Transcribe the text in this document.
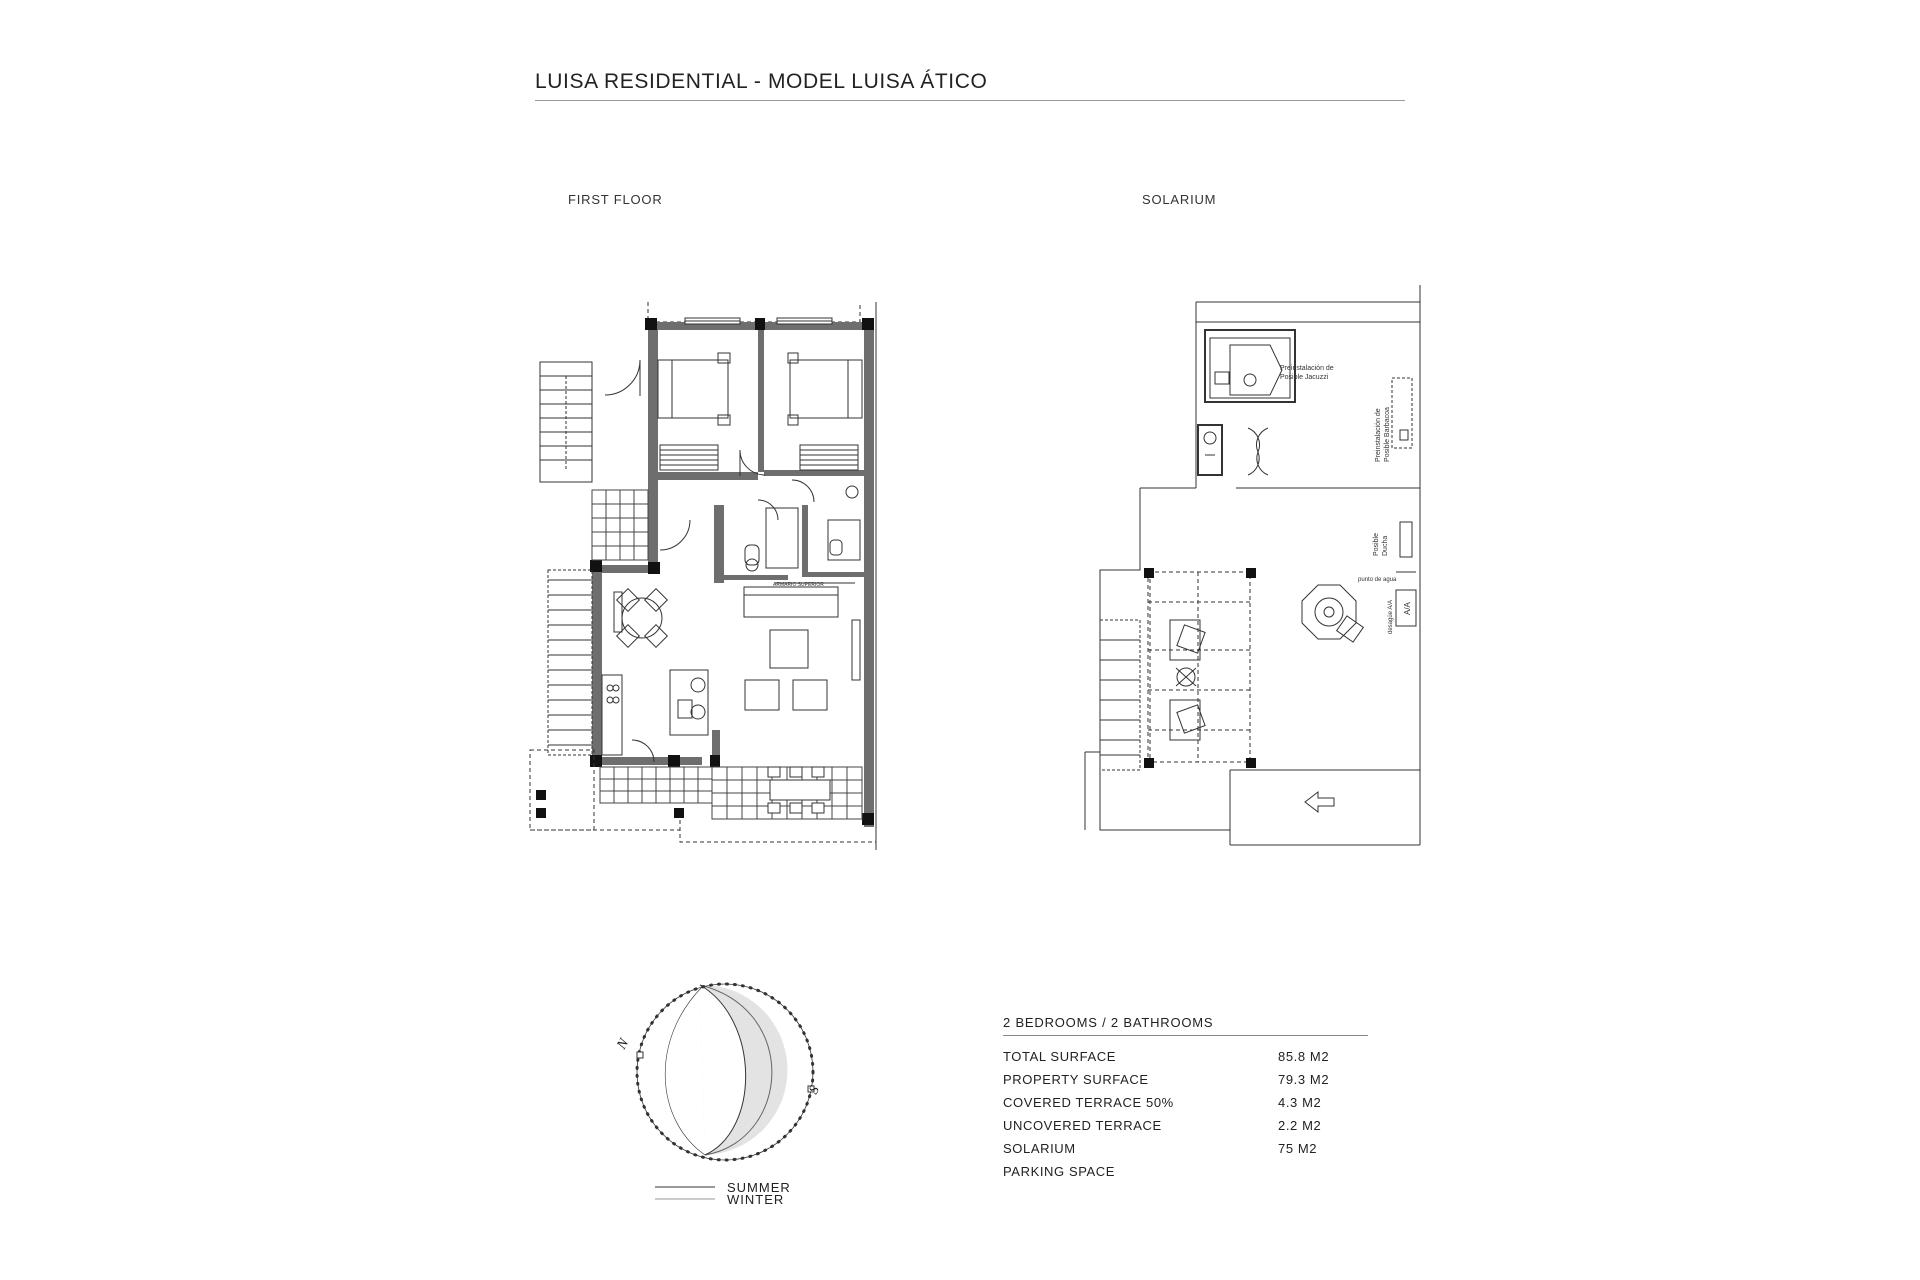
LUISA RESIDENTIAL - MODEL LUISA ÁTICO
FIRST FLOOR	SOLARIUM
ARMARIO SUPERIOR
Preinstalación de
Posible Jacuzzi
Preinstalación de Posible Barbacoa
Posible Ducha
punto de agua
A/A
desagüe A/A
N
S
SUMMER
WINTER
2 BEDROOMS / 2 BATHROOMS
TOTAL SURFACE	85.8 M2
PROPERTY SURFACE	79.3 M2
COVERED TERRACE 50%	4.3 M2
UNCOVERED TERRACE	2.2 M2
SOLARIUM	75 M2
PARKING SPACE	
